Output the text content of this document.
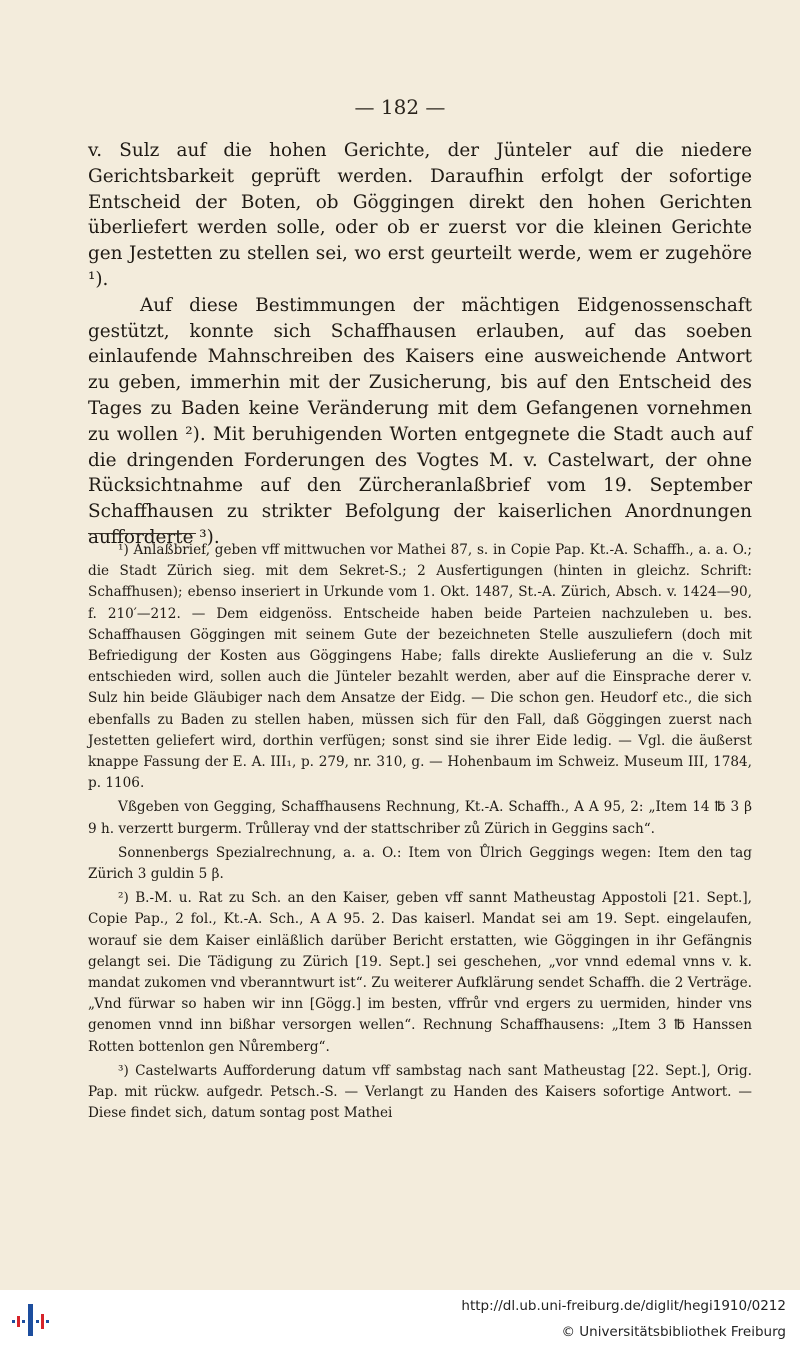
— 182 —

v. Sulz auf die hohen Gerichte, der Jünteler auf die niedere Gerichtsbarkeit geprüft werden. Daraufhin erfolgt der sofortige Entscheid der Boten, ob Göggingen direkt den hohen Gerichten überliefert werden solle, oder ob er zuerst vor die kleinen Gerichte gen Jestetten zu stellen sei, wo erst geurteilt werde, wem er zugehöre ¹).

Auf diese Bestimmungen der mächtigen Eidgenossenschaft gestützt, konnte sich Schaffhausen erlauben, auf das soeben einlaufende Mahnschreiben des Kaisers eine ausweichende Antwort zu geben, immerhin mit der Zusicherung, bis auf den Entscheid des Tages zu Baden keine Veränderung mit dem Gefangenen vornehmen zu wollen ²). Mit beruhigenden Worten entgegnete die Stadt auch auf die dringenden Forderungen des Vogtes M. v. Castelwart, der ohne Rücksichtnahme auf den Zürcheranlaßbrief vom 19. September Schaffhausen zu strikter Befolgung der kaiserlichen Anordnungen aufforderte ³).

¹) Anlaßbrief, geben vff mittwuchen vor Mathei 87, s. in Copie Pap. Kt.-A. Schaffh., a. a. O.; die Stadt Zürich sieg. mit dem Sekret-S.; 2 Ausfertigungen (hinten in gleichz. Schrift: Schaffhusen); ebenso inseriert in Urkunde vom 1. Okt. 1487, St.-A. Zürich, Absch. v. 1424—90, f. 210′—212. — Dem eidgenöss. Entscheide haben beide Parteien nachzuleben u. bes. Schaffhausen Göggingen mit seinem Gute der bezeichneten Stelle auszuliefern (doch mit Befriedigung der Kosten aus Göggingens Habe; falls direkte Auslieferung an die v. Sulz entschieden wird, sollen auch die Jünteler bezahlt werden, aber auf die Einsprache derer v. Sulz hin beide Gläubiger nach dem Ansatze der Eidg. — Die schon gen. Heudorf etc., die sich ebenfalls zu Baden zu stellen haben, müssen sich für den Fall, daß Göggingen zuerst nach Jestetten geliefert wird, dorthin verfügen; sonst sind sie ihrer Eide ledig. — Vgl. die äußerst knappe Fassung der E. A. III₁, p. 279, nr. 310, g. — Hohenbaum im Schweiz. Museum III, 1784, p. 1106.

Vßgeben von Gegging, Schaffhausens Rechnung, Kt.-A. Schaffh., A A 95, 2: „Item 14 ℔ 3 β 9 h. verzertt burgerm. Trůlleray vnd der stattschriber zů Zürich in Geggins sach“.

Sonnenbergs Spezialrechnung, a. a. O.: Item von Ůlrich Geggings wegen: Item den tag Zürich 3 guldin 5 β.

²) B.-M. u. Rat zu Sch. an den Kaiser, geben vff sannt Matheustag Appostoli [21. Sept.], Copie Pap., 2 fol., Kt.-A. Sch., A A 95. 2. Das kaiserl. Mandat sei am 19. Sept. eingelaufen, worauf sie dem Kaiser einläßlich darüber Bericht erstatten, wie Göggingen in ihr Gefängnis gelangt sei. Die Tädigung zu Zürich [19. Sept.] sei geschehen, „vor vnnd edemal vnns v. k. mandat zukomen vnd vberanntwurt ist“. Zu weiterer Aufklärung sendet Schaffh. die 2 Verträge. „Vnd fürwar so haben wir inn [Gögg.] im besten, vffrůr vnd ergers zu uermiden, hinder vns genomen vnnd inn bißhar versorgen wellen“. Rechnung Schaffhausens: „Item 3 ℔ Hanssen Rotten bottenlon gen Nůremberg“.

³) Castelwarts Aufforderung datum vff sambstag nach sant Matheustag [22. Sept.], Orig. Pap. mit rückw. aufgedr. Petsch.-S. — Verlangt zu Handen des Kaisers sofortige Antwort. — Diese findet sich, datum sontag post Mathei

http://dl.ub.uni-freiburg.de/diglit/hegi1910/0212
© Universitätsbibliothek Freiburg
